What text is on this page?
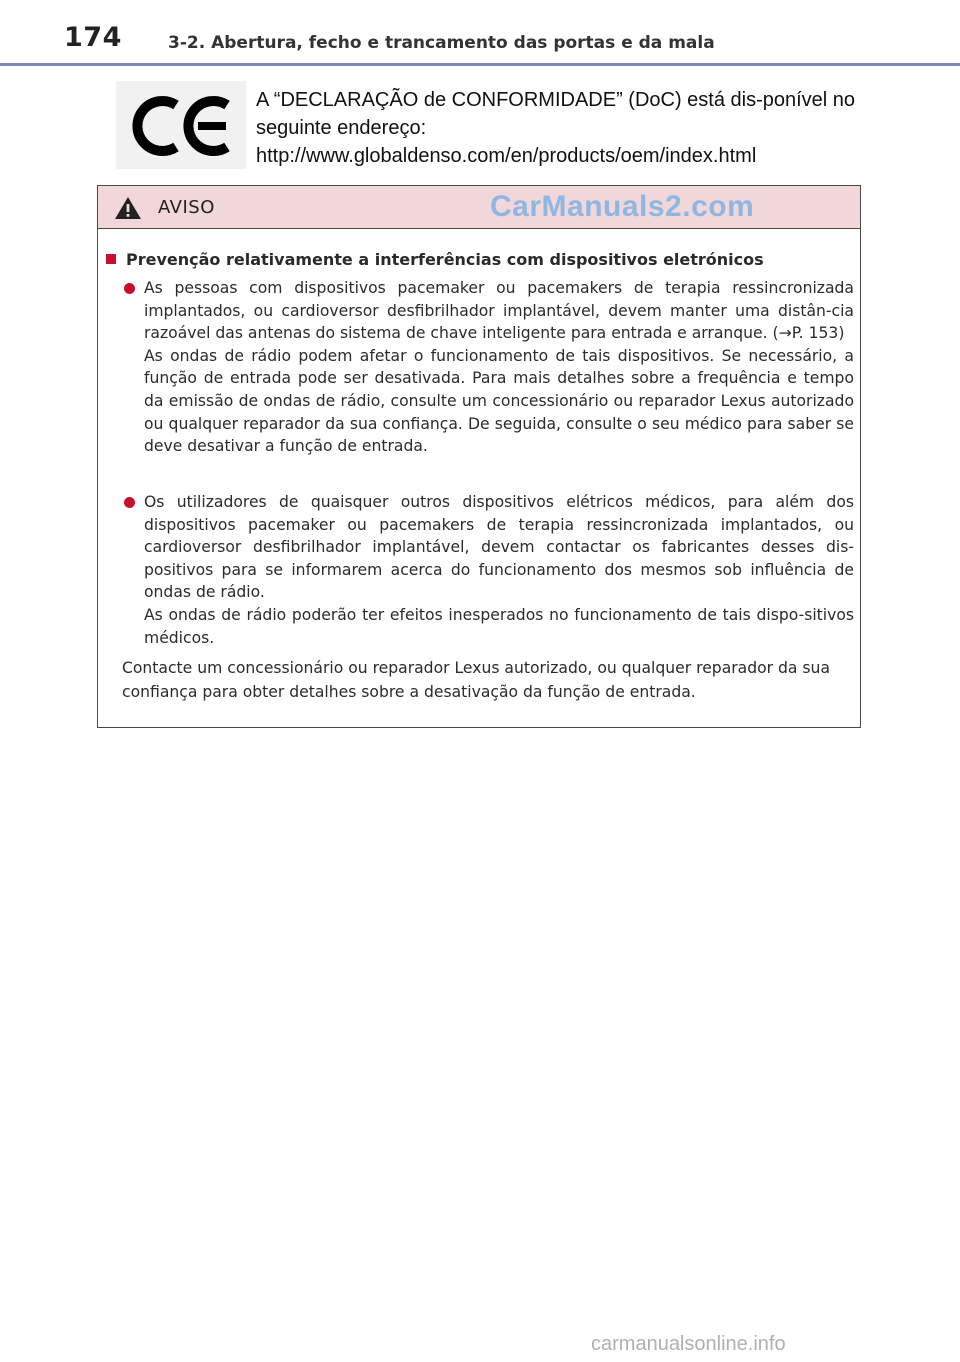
174	3-2. Abertura, fecho e trancamento das portas e da mala
A “DECLARAÇÃO de CONFORMIDADE” (DoC) está dis-ponível no seguinte endereço: http://www.globaldenso.com/en/products/oem/index.html
AVISO	CarManuals2.com
Prevenção relativamente a interferências com dispositivos eletrónicos

As pessoas com dispositivos pacemaker ou pacemakers de terapia ressincronizada implantados, ou cardioversor desfibrilhador implantável, devem manter uma distân-cia razoável das antenas do sistema de chave inteligente para entrada e arranque. (→P. 153)

As ondas de rádio podem afetar o funcionamento de tais dispositivos. Se necessário, a função de entrada pode ser desativada. Para mais detalhes sobre a frequência e tempo da emissão de ondas de rádio, consulte um concessionário ou reparador Lexus autorizado ou qualquer reparador da sua confiança. De seguida, consulte o seu médico para saber se deve desativar a função de entrada.

Os utilizadores de quaisquer outros dispositivos elétricos médicos, para além dos dispositivos pacemaker ou pacemakers de terapia ressincronizada implantados, ou cardioversor desfibrilhador implantável, devem contactar os fabricantes desses dis-positivos para se informarem acerca do funcionamento dos mesmos sob influência de ondas de rádio.

As ondas de rádio poderão ter efeitos inesperados no funcionamento de tais dispo-sitivos médicos.

Contacte um concessionário ou reparador Lexus autorizado, ou qualquer reparador da sua confiança para obter detalhes sobre a desativação da função de entrada.
carmanualsonline.info
